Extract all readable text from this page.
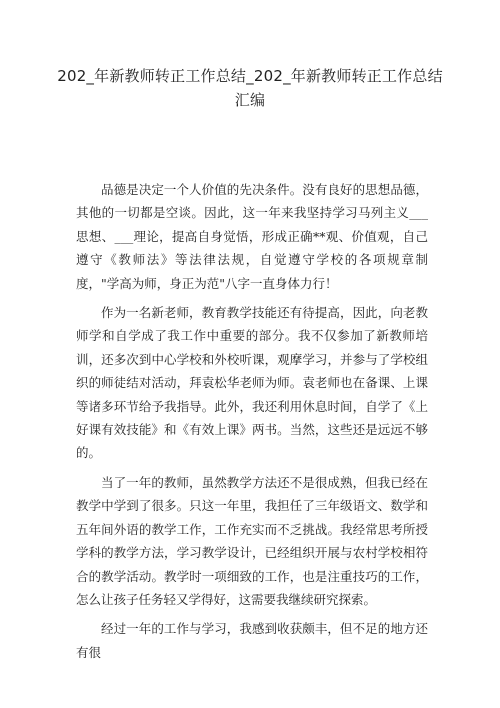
202_年新教师转正工作总结_202_年新教师转正工作总结汇编

品德是决定一个人价值的先决条件。没有良好的思想品德，其他的一切都是空谈。因此，这一年来我坚持学习马列主义___思想、___理论，提高自身觉悟，形成正确**观、价值观，自己遵守《教师法》等法律法规，自觉遵守学校的各项规章制度，"学高为师，身正为范"八字一直身体力行！

作为一名新老师，教育教学技能还有待提高，因此，向老教师学和自学成了我工作中重要的部分。我不仅参加了新教师培训，还多次到中心学校和外校听课，观摩学习，并参与了学校组织的师徒结对活动，拜袁松华老师为师。袁老师也在备课、上课等诸多环节给予我指导。此外，我还利用休息时间，自学了《上好课有效技能》和《有效上课》两书。当然，这些还是远远不够的。

当了一年的教师，虽然教学方法还不是很成熟，但我已经在教学中学到了很多。只这一年里，我担任了三年级语文、数学和五年间外语的教学工作，工作充实而不乏挑战。我经常思考所授学科的教学方法，学习教学设计，已经组织开展与农村学校相符合的教学活动。教学时一项细致的工作，也是注重技巧的工作，怎么让孩子任务轻又学得好，这需要我继续研究探索。

经过一年的工作与学习，我感到收获颇丰，但不足的地方还有很
